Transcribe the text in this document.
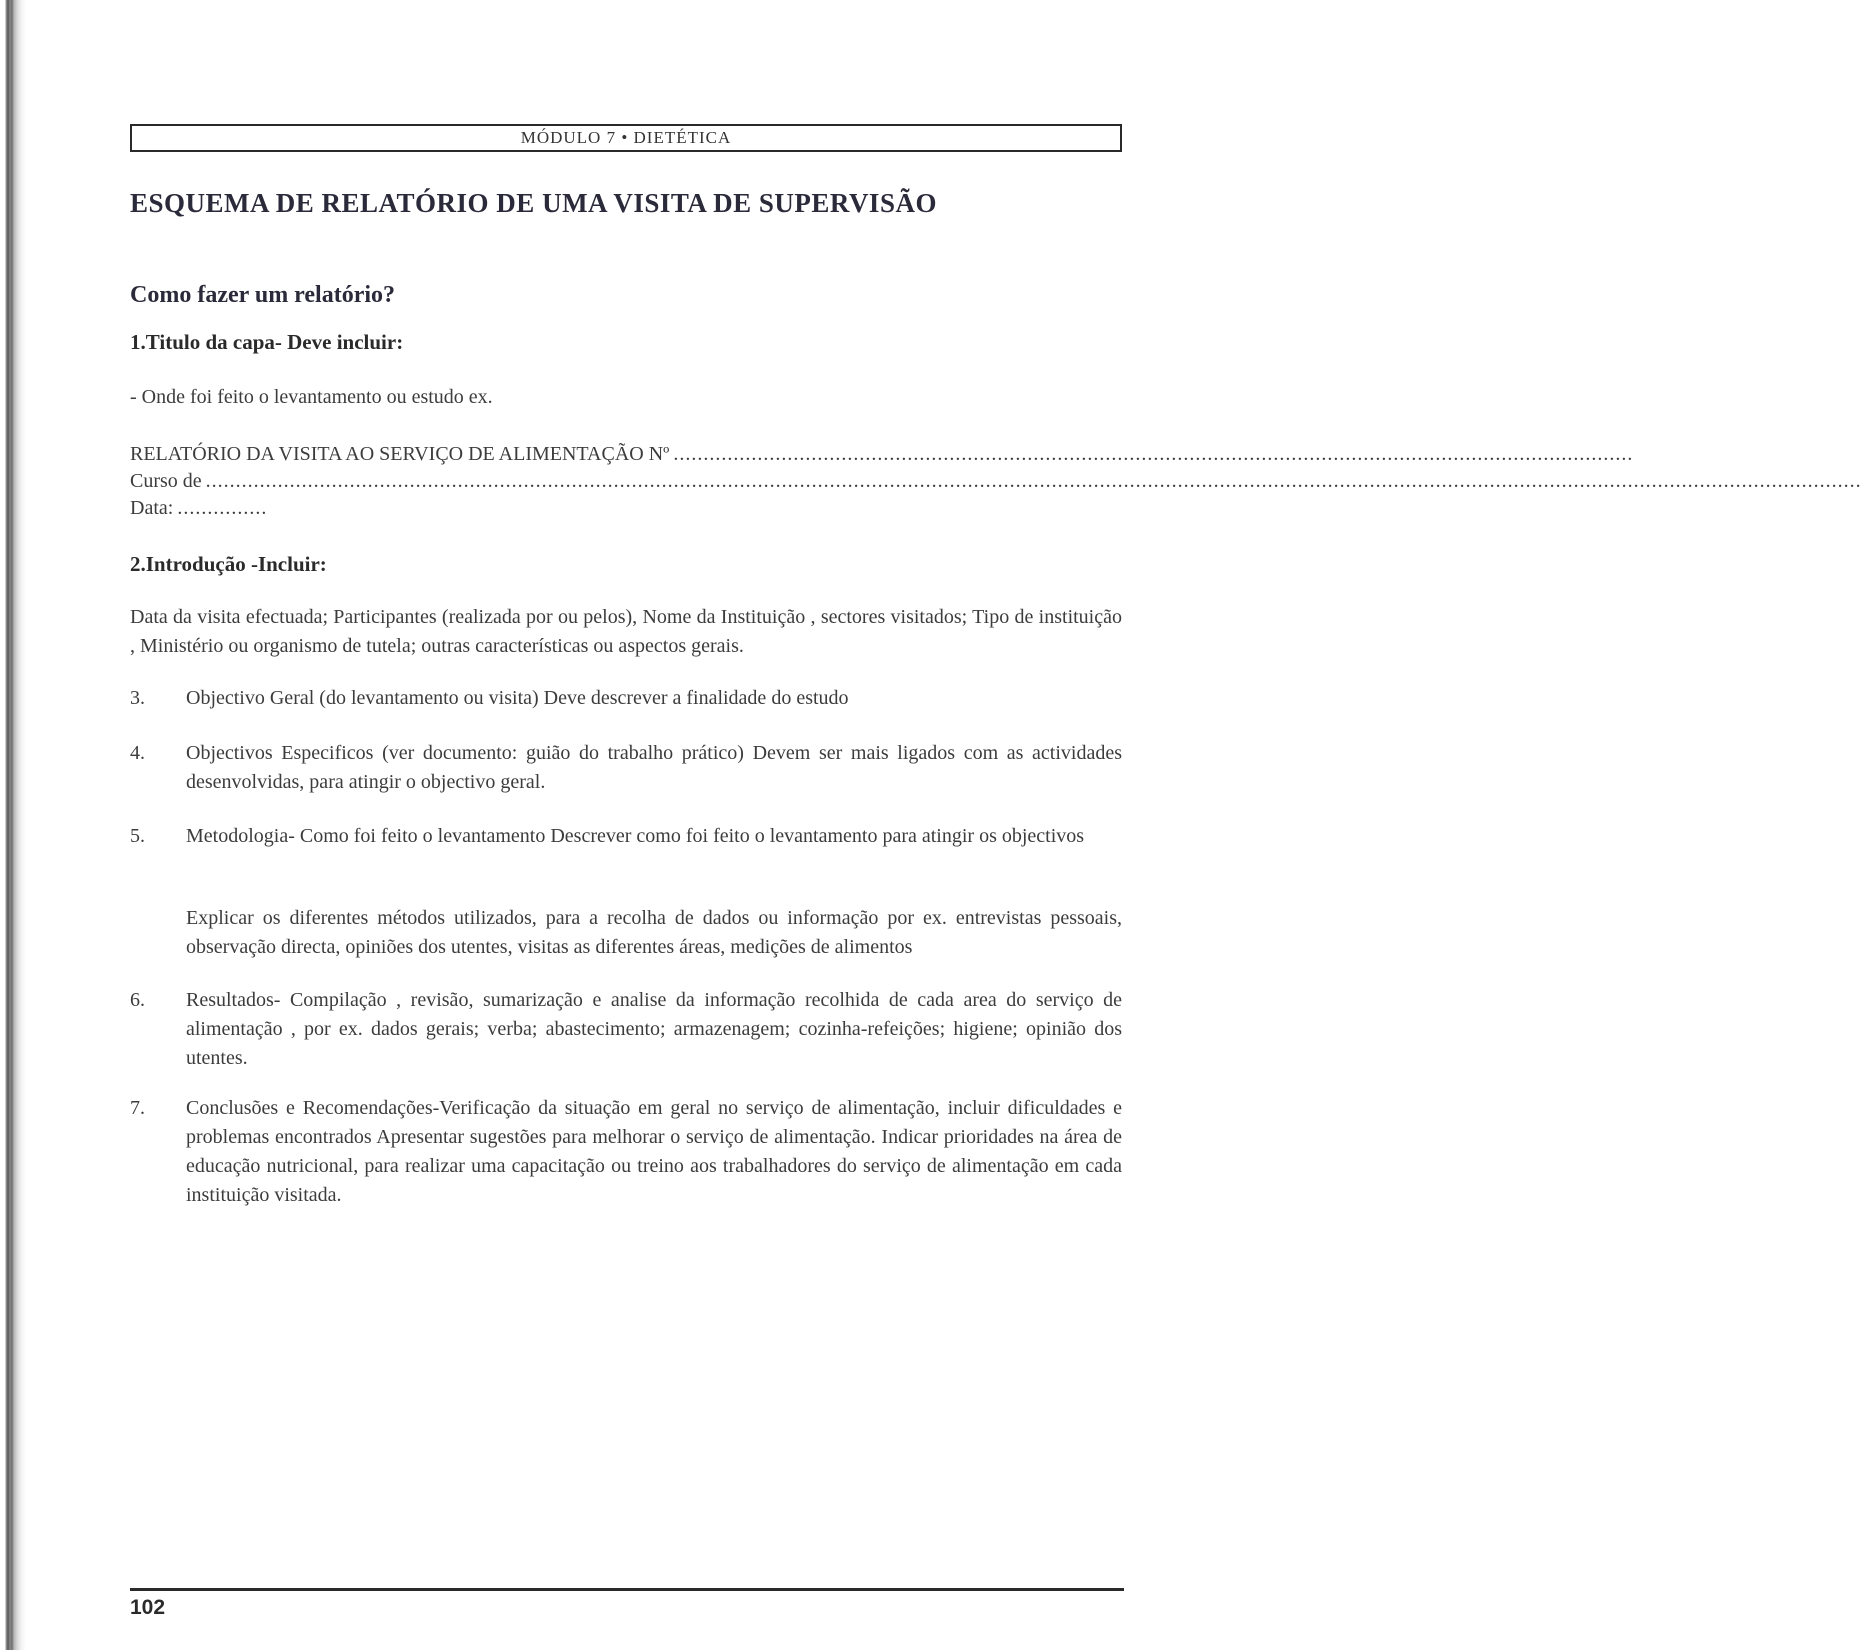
MÓDULO 7 • DIETÉTICA
ESQUEMA DE RELATÓRIO DE UMA VISITA DE SUPERVISÃO
Como fazer um relatório?
1.Titulo da capa- Deve incluir:

- Onde foi feito o levantamento ou estudo ex.

RELATÓRIO DA VISITA AO SERVIÇO DE ALIMENTAÇÃO Nº ................................................................................................................................................................
Curso de ....................................................................................................................................................................................................................................................................................
Data: ...............
2.Introdução -Incluir:

Data da visita efectuada; Participantes (realizada por ou pelos), Nome da Instituição , sectores visitados; Tipo de instituição , Ministério ou organismo de tutela; outras características ou aspectos gerais.

3. Objectivo Geral (do levantamento ou visita) Deve descrever a finalidade do estudo

4. Objectivos Especificos (ver documento: guião do trabalho prático) Devem ser mais ligados com as actividades desenvolvidas, para atingir o objectivo geral.

5. Metodologia- Como foi feito o levantamento Descrever como foi feito o levantamento para atingir os objectivos

Explicar os diferentes métodos utilizados, para a recolha de dados ou informação por ex. entrevistas pessoais, observação directa, opiniões dos utentes, visitas as diferentes áreas, medições de alimentos

6. Resultados- Compilação , revisão, sumarização e analise da informação recolhida de cada area do serviço de alimentação , por ex. dados gerais; verba; abastecimento; armazenagem; cozinha-refeições; higiene; opinião dos utentes.

7. Conclusões e Recomendações-Verificação da situação em geral no serviço de alimentação, incluir dificuldades e problemas encontrados Apresentar sugestões para melhorar o serviço de alimentação. Indicar prioridades na área de educação nutricional, para realizar uma capacitação ou treino aos trabalhadores do serviço de alimentação em cada instituição visitada.

102
